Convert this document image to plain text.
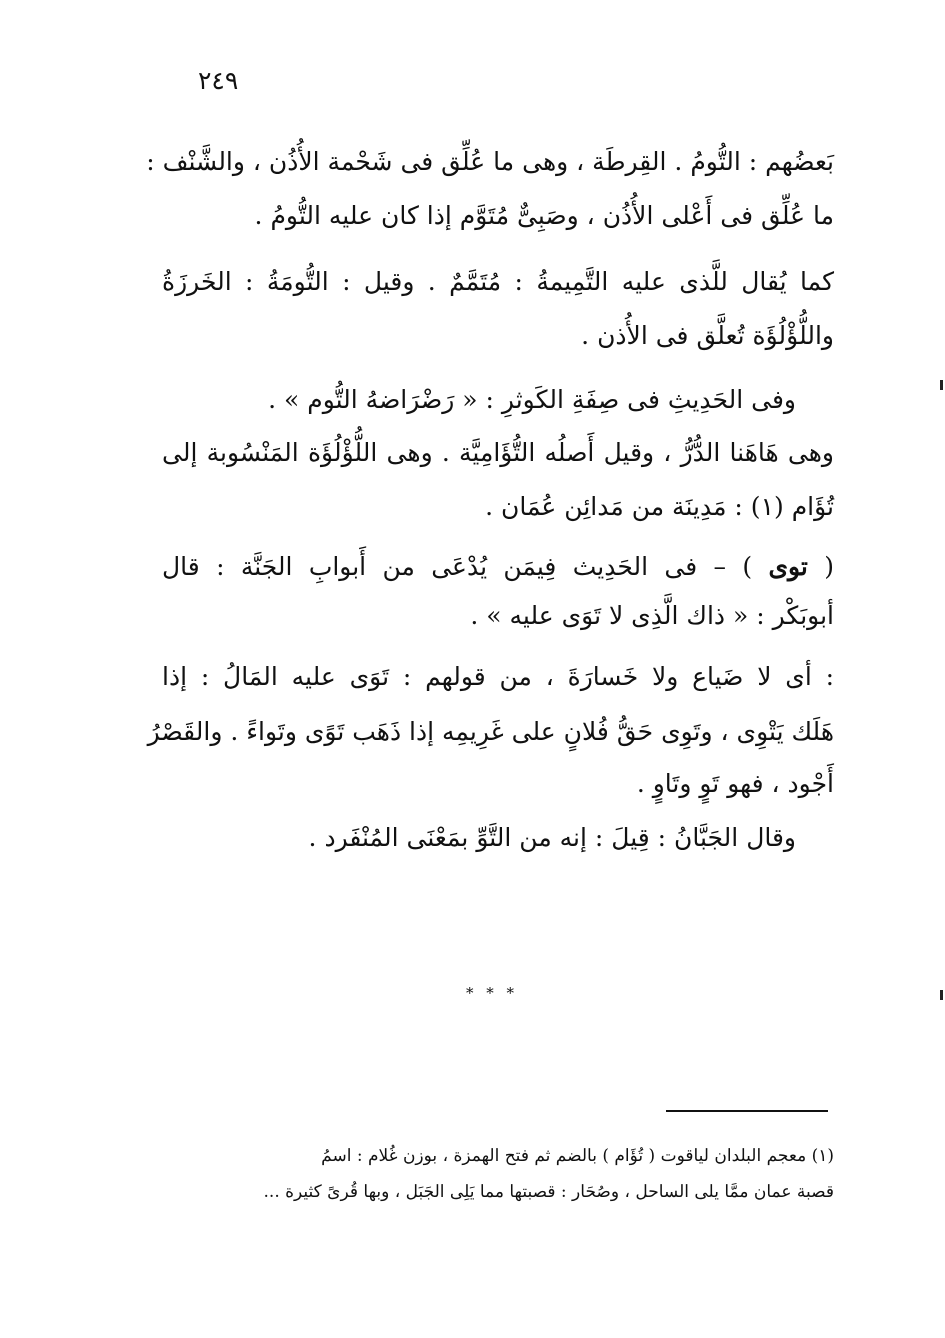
٢٤٩
بَعضُهم : التُّومُ . القِرطَة ، وهى ما عُلِّق فى شَحْمة الأُذُن ، والشَّنْف :
ما عُلِّق فى أَعْلى الأُذُن ، وصَبِىٌّ مُتَوَّم إذا كان عليه التُّومُ .
كما يُقال للَّذى عليه التَّمِيمةُ : مُتَمَّمٌ . وقيل : التُّومَةُ : الخَرزَةُ
واللُّؤْلُؤَة تُعلَّق فى الأُذن .
وفى الحَدِيثِ فى صِفَةِ الكَوثرِ : « رَضْرَاضهُ التُّوم » .
وهى هَاهَنا الدُّرُّ ، وقيل أَصلُه التُّؤَامِيَّة . وهى اللُّؤْلُؤَة المَنْسُوبة إلى
تُؤَام (١) : مَدِينَة من مَدائِن عُمَان .
( توى ) – فى الحَدِيث فِيمَن يُدْعَى من أَبوابِ الجَنَّة : قال
أبوبَكْر : « ذاك الَّذِى لا تَوَى عليه » .
: أى لا ضَياع ولا خَسارَةَ ، من قولهم : تَوَى عليه المَالُ : إذا
هَلَك يَتْوِى ، وتَوِى حَقُّ فُلانٍ على غَرِيمِه إذا ذَهَب تَوًى وتَواءً . والقَصْرُ
أَجْود ، فهو تَوٍ وتَاوٍ .
وقال الجَبَّانُ : قِيلَ : إنه من التَّوِّ بمَعْنَى المُنْفَرد .
* * *
(١) معجم البلدان لياقوت ( تُؤَام ) بالضم ثم فتح الهمزة ، بوزن غُلام : اسمُ
قصبة عمان ممَّا يلى الساحل ، وصُحَار : قصبتها مما يَلِى الجَبَل ، وبها قُرىً كثيرة ...
